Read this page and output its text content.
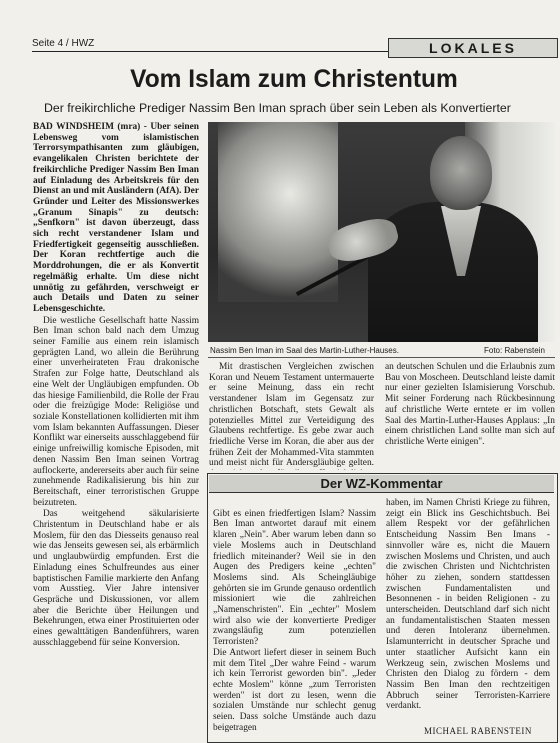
Seite 4 / HWZ	LOKALES
Vom Islam zum Christentum
Der freikirchliche Prediger Nassim Ben Iman sprach über sein Leben als Konvertierter

BAD WINDSHEIM (mra) - Über seinen Lebensweg vom islamistischen Terrorsympathisanten zum gläubigen, evangelikalen Christen berichtete der freikirchliche Prediger Nassim Ben Iman auf Einladung des Arbeitskreis für den Dienst an und mit Ausländern (AfA). Der Gründer und Leiter des Missionswerkes „Granum Sinapis" zu deutsch: „Senfkorn" ist davon überzeugt, dass sich recht verstandener Islam und Friedfertigkeit gegenseitig ausschließen. Der Koran rechtfertige auch die Morddrohungen, die er als Konvertit regelmäßig erhalte. Um diese nicht unnötig zu gefährden, verschweigt er auch Details und Daten zu seiner Lebensgeschichte.

Die westliche Gesellschaft hatte Nassim Ben Iman schon bald nach dem Umzug seiner Familie aus einem rein islamisch geprägten Land, wo allein die Berührung einer unverheirateten Frau drakonische Strafen zur Folge hatte, Deutschland als eine Welt der Ungläubigen empfunden. Ob das hiesige Familienbild, die Rolle der Frau oder die freizügige Mode: Religiöse und soziale Konstellationen kollidierten mit ihm vom Islam bekannten Auffassungen. Dieser Konflikt war einerseits ausschlaggebend für einige unfreiwillig komische Episoden, mit denen Nassim Ben Iman seinen Vortrag auflockerte, andererseits aber auch für seine zunehmende Radikalisierung bis hin zur Bereitschaft, einer terroristischen Gruppe beizutreten.

Das weitgehend säkularisierte Christentum in Deutschland habe er als Moslem, für den das Diesseits genauso real wie das Jenseits gewesen sei, als erbärmlich und unglaubwürdig empfunden. Erst die Einladung eines Schulfreundes aus einer baptistischen Familie markierte den Anfang vom Ausstieg. Vier Jahre intensiver Gespräche und Diskussionen, vor allem aber die Berichte über Heilungen und Bekehrungen, etwa einer Prostituierten oder eines gewalttätigen Bandenführers, waren ausschlaggebend für seine Konversion.

Nassim Ben Iman im Saal des Martin-Luther-Hauses.	Foto: Rabenstein

Mit drastischen Vergleichen zwischen Koran und Neuem Testament untermauerte er seine Meinung, dass ein recht verstandener Islam im Gegensatz zur christlichen Botschaft, stets Gewalt als potenzielles Mittel zur Verteidigung des Glaubens rechtfertige. Es gebe zwar auch friedliche Verse im Koran, die aber aus der frühen Zeit der Mohammed-Vita stammten und meist nicht für Andersgläubige gelten.

an deutschen Schulen und die Erlaubnis zum Bau von Moscheen. Deutschland leiste damit nur einer gezielten Islamisierung Vorschub. Mit seiner Forderung nach Rückbesinnung auf christliche Werte erntete er im vollen Saal des Martin-Luther-Hauses Applaus: „In einem christlichen Land sollte man sich auf christliche Werte einigen".

Der WZ-Kommentar

Gibt es einen friedfertigen Islam? Nassim Ben Iman antwortet darauf mit einem klaren „Nein". Aber warum leben dann so viele Moslems auch in Deutschland friedlich miteinander? Weil sie in den Augen des Predigers keine „echten" Moslems sind. Als Scheingläubige gehörten sie im Grunde genauso ordentlich missioniert wie die zahlreichen „Namenschristen". Ein „echter" Moslem wird also wie der konvertierte Prediger zwangsläufig zum potenziellen Terroristen?
Die Antwort liefert dieser in seinem Buch mit dem Titel „Der wahre Feind - warum ich kein Terrorist geworden bin". „Jeder echte Moslem" könne „zum Terroristen werden" ist dort zu lesen, wenn die sozialen Umstände nur schlecht genug seien. Dass solche Umstände auch dazu beigetragen

haben, im Namen Christi Kriege zu führen, zeigt ein Blick ins Geschichtsbuch. Bei allem Respekt vor der gefährlichen Entscheidung Nassim Ben Imans - sinnvoller wäre es, nicht die Mauern zwischen Moslems und Christen, und auch die zwischen Christen und Nichtchristen höher zu ziehen, sondern stattdessen zwischen Fundamentalisten und Besonnenen - in beiden Religionen - zu unterscheiden. Deutschland darf sich nicht an fundamentalistischen Staaten messen und deren Intoleranz übernehmen. Islamunterricht in deutscher Sprache und unter staatlicher Aufsicht kann ein Werkzeug sein, zwischen Moslems und Christen den Dialog zu fördern - dem Nassim Ben Iman den rechtzeitigen Abbruch seiner Terroristen-Karriere verdankt.
MICHAEL RABENSTEIN
